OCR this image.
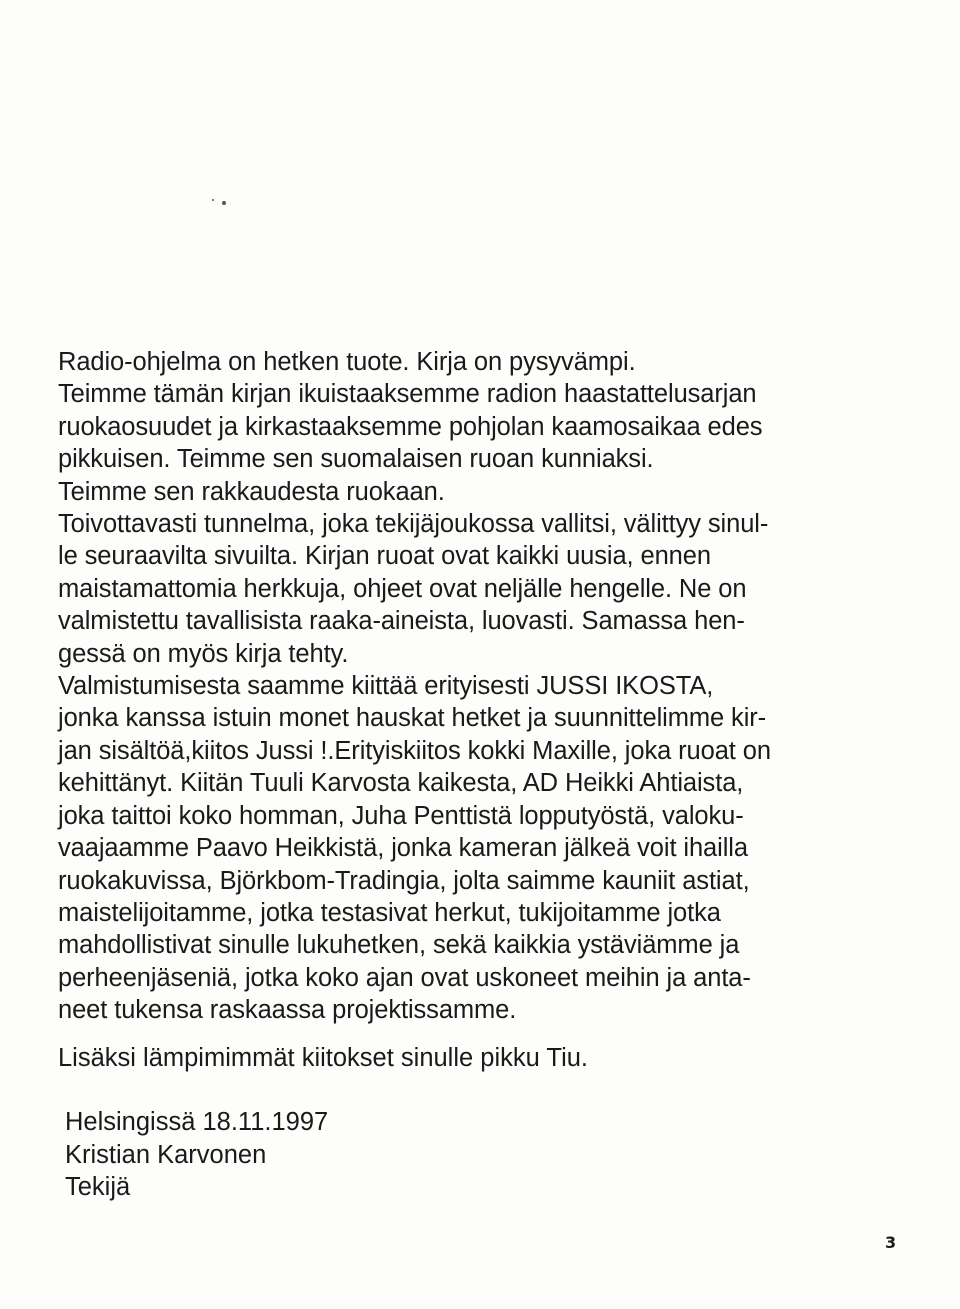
Radio-ohjelma on hetken tuote. Kirja on pysyvämpi.
Teimme tämän kirjan ikuistaaksemme radion haastattelusarjan
ruokaosuudet ja kirkastaaksemme pohjolan kaamosaikaa edes
pikkuisen. Teimme sen suomalaisen ruoan kunniaksi.
Teimme sen rakkaudesta ruokaan.
Toivottavasti tunnelma, joka tekijäjoukossa vallitsi, välittyy sinul-
le seuraavilta sivuilta. Kirjan ruoat ovat kaikki uusia, ennen
maistamattomia herkkuja, ohjeet ovat neljälle hengelle. Ne on
valmistettu tavallisista raaka-aineista, luovasti. Samassa hen-
gessä on myös kirja tehty.
Valmistumisesta saamme kiittää erityisesti JUSSI IKOSTA,
jonka kanssa istuin monet hauskat hetket ja suunnittelimme kir-
jan sisältöä,kiitos Jussi !.Erityiskiitos kokki Maxille, joka ruoat on
kehittänyt. Kiitän Tuuli Karvosta kaikesta, AD Heikki Ahtiaista,
joka taittoi koko homman, Juha Penttistä lopputyöstä, valoku-
vaajaamme Paavo Heikkistä, jonka kameran jälkeä voit ihailla
ruokakuvissa, Björkbom-Tradingia, jolta saimme kauniit astiat,
maistelijoitamme, jotka testasivat herkut, tukijoitamme jotka
mahdollistivat sinulle lukuhetken, sekä kaikkia ystäviämme ja
perheenjäseniä, jotka koko ajan ovat uskoneet meihin ja anta-
neet tukensa raskaassa projektissamme.
Lisäksi lämpimimmät kiitokset sinulle pikku Tiu.
Helsingissä 18.11.1997
Kristian Karvonen
Tekijä
3
